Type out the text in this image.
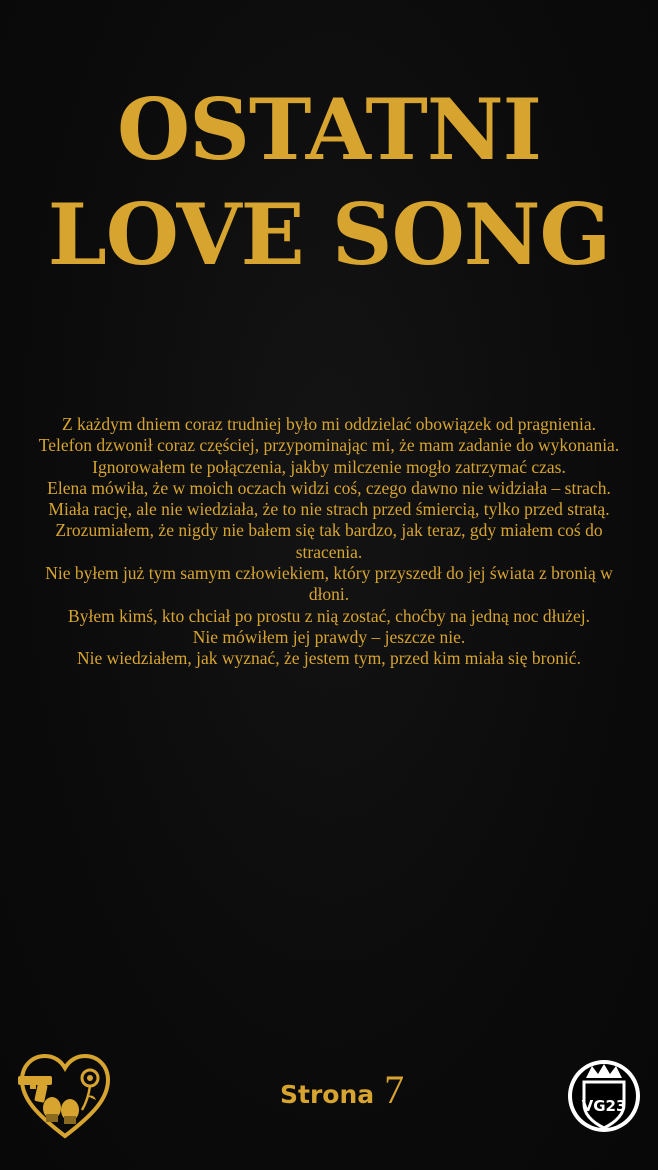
OSTATNI
LOVE SONG
Z każdym dniem coraz trudniej było mi oddzielać obowiązek od pragnienia.
Telefon dzwonił coraz częściej, przypominając mi, że mam zadanie do wykonania.
Ignorowałem te połączenia, jakby milczenie mogło zatrzymać czas.
Elena mówiła, że w moich oczach widzi coś, czego dawno nie widziała – strach.
Miała rację, ale nie wiedziała, że to nie strach przed śmiercią, tylko przed stratą.
Zrozumiałem, że nigdy nie bałem się tak bardzo, jak teraz, gdy miałem coś do stracenia.
Nie byłem już tym samym człowiekiem, który przyszedł do jej świata z bronią w dłoni.
Byłem kimś, kto chciał po prostu z nią zostać, choćby na jedną noc dłużej.
Nie mówiłem jej prawdy – jeszcze nie.
Nie wiedziałem, jak wyznać, że jestem tym, przed kim miała się bronić.
Strona 7	VG23
